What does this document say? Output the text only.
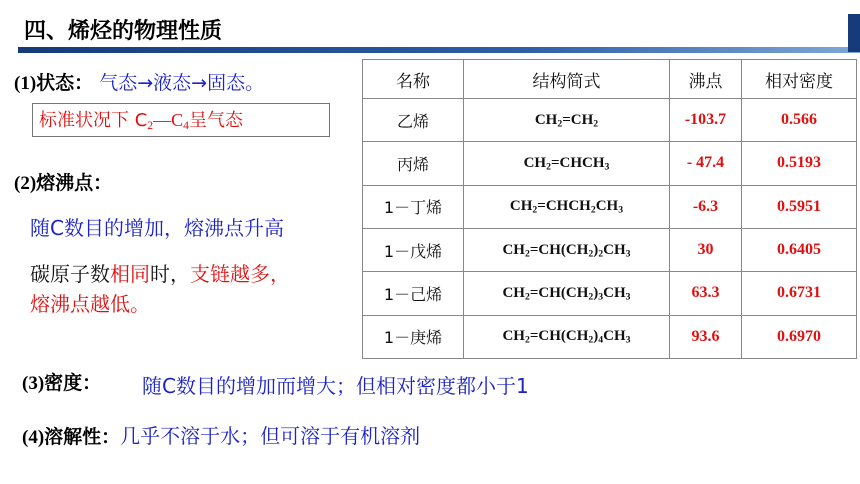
四、烯烃的物理性质
(1)状态： 气态→液态→固态。
标准状况下 $C_2—C_4$呈气态
(2)熔沸点：
随C数目的增加，熔沸点升高
碳原子数相同时，支链越多，
熔沸点越低。
(3)密度： 随C数目的增加而增大；但相对密度都小于1
(4)溶解性：几乎不溶于水；但可溶于有机溶剂
名称	结构简式	沸点	相对密度
乙烯	$CH_2=CH_2$	-103.7	0.566
丙烯	$CH_2=CHCH_3$	- 47.4	0.5193
1－丁烯	$CH_2=CHCH_2CH_3$	-6.3	0.5951
1－戊烯	$CH_2=CH(CH_2)_2CH_3$	30	0.6405
1－己烯	$CH_2=CH(CH_2)_3CH_3$	63.3	0.6731
1－庚烯	$CH_2=CH(CH_2)_4CH_3$	93.6	0.6970
